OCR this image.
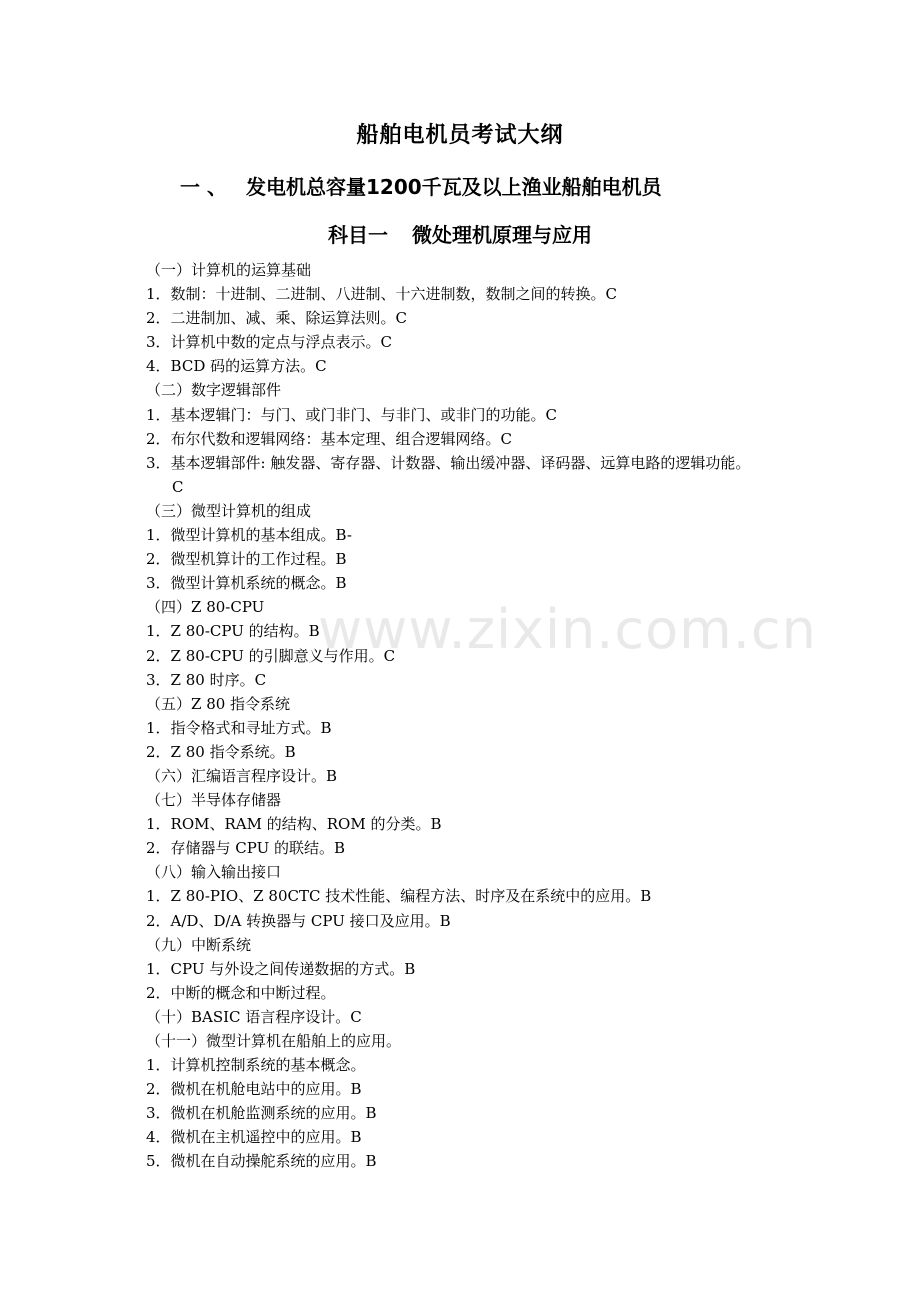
船舶电机员考试大纲
一 、 发电机总容量1200千瓦及以上渔业船舶电机员
科目一 微处理机原理与应用
（一）计算机的运算基础
1．数制：十进制、二进制、八进制、十六进制数，数制之间的转换。C
2．二进制加、减、乘、除运算法则。C
3．计算机中数的定点与浮点表示。C
4．BCD 码的运算方法。C
（二）数字逻辑部件
1．基本逻辑门：与门、或门非门、与非门、或非门的功能。C
2．布尔代数和逻辑网络：基本定理、组合逻辑网络。C
3．基本逻辑部件: 触发器、寄存器、计数器、输出缓冲器、译码器、远算电路的逻辑功能。
C
（三）微型计算机的组成
1．微型计算机的基本组成。B-
2．微型机算计的工作过程。B
3．微型计算机系统的概念。B
（四）Z 80-CPU
1．Z 80-CPU 的结构。B
2．Z 80-CPU 的引脚意义与作用。C
3．Z 80 时序。C
（五）Z 80 指令系统
1．指令格式和寻址方式。B
2．Z 80 指令系统。B
（六）汇编语言程序设计。B
（七）半导体存储器
1．ROM、RAM 的结构、ROM 的分类。B
2．存储器与 CPU 的联结。B
（八）输入输出接口
1．Z 80-PIO、Z 80CTC 技术性能、编程方法、时序及在系统中的应用。B
2．A/D、D/A 转换器与 CPU 接口及应用。B
（九）中断系统
1．CPU 与外设之间传递数据的方式。B
2．中断的概念和中断过程。
（十）BASIC 语言程序设计。C
（十一）微型计算机在船舶上的应用。
1．计算机控制系统的基本概念。
2．微机在机舱电站中的应用。B
3．微机在机舱监测系统的应用。B
4．微机在主机遥控中的应用。B
5．微机在自动操舵系统的应用。B
www.zixin.com.cn
